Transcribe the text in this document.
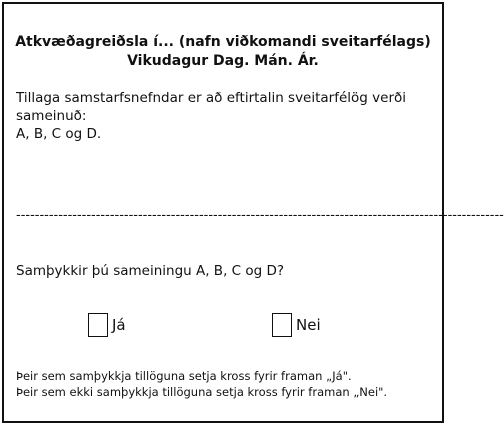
Atkvæðagreiðsla í... (nafn viðkomandi sveitarfélags)
Vikudagur Dag. Mán. Ár.
Tillaga samstarfsnefndar er að eftirtalin sveitarfélög verði sameinuð:
A, B, C og D.
--------------------------------------------------------------------------------------------------------
Samþykkir þú sameiningu A, B, C og D?
Já	Nei
Þeir sem samþykkja tillöguna setja kross fyrir framan „Já".
Þeir sem ekki samþykkja tillöguna setja kross fyrir framan „Nei".
